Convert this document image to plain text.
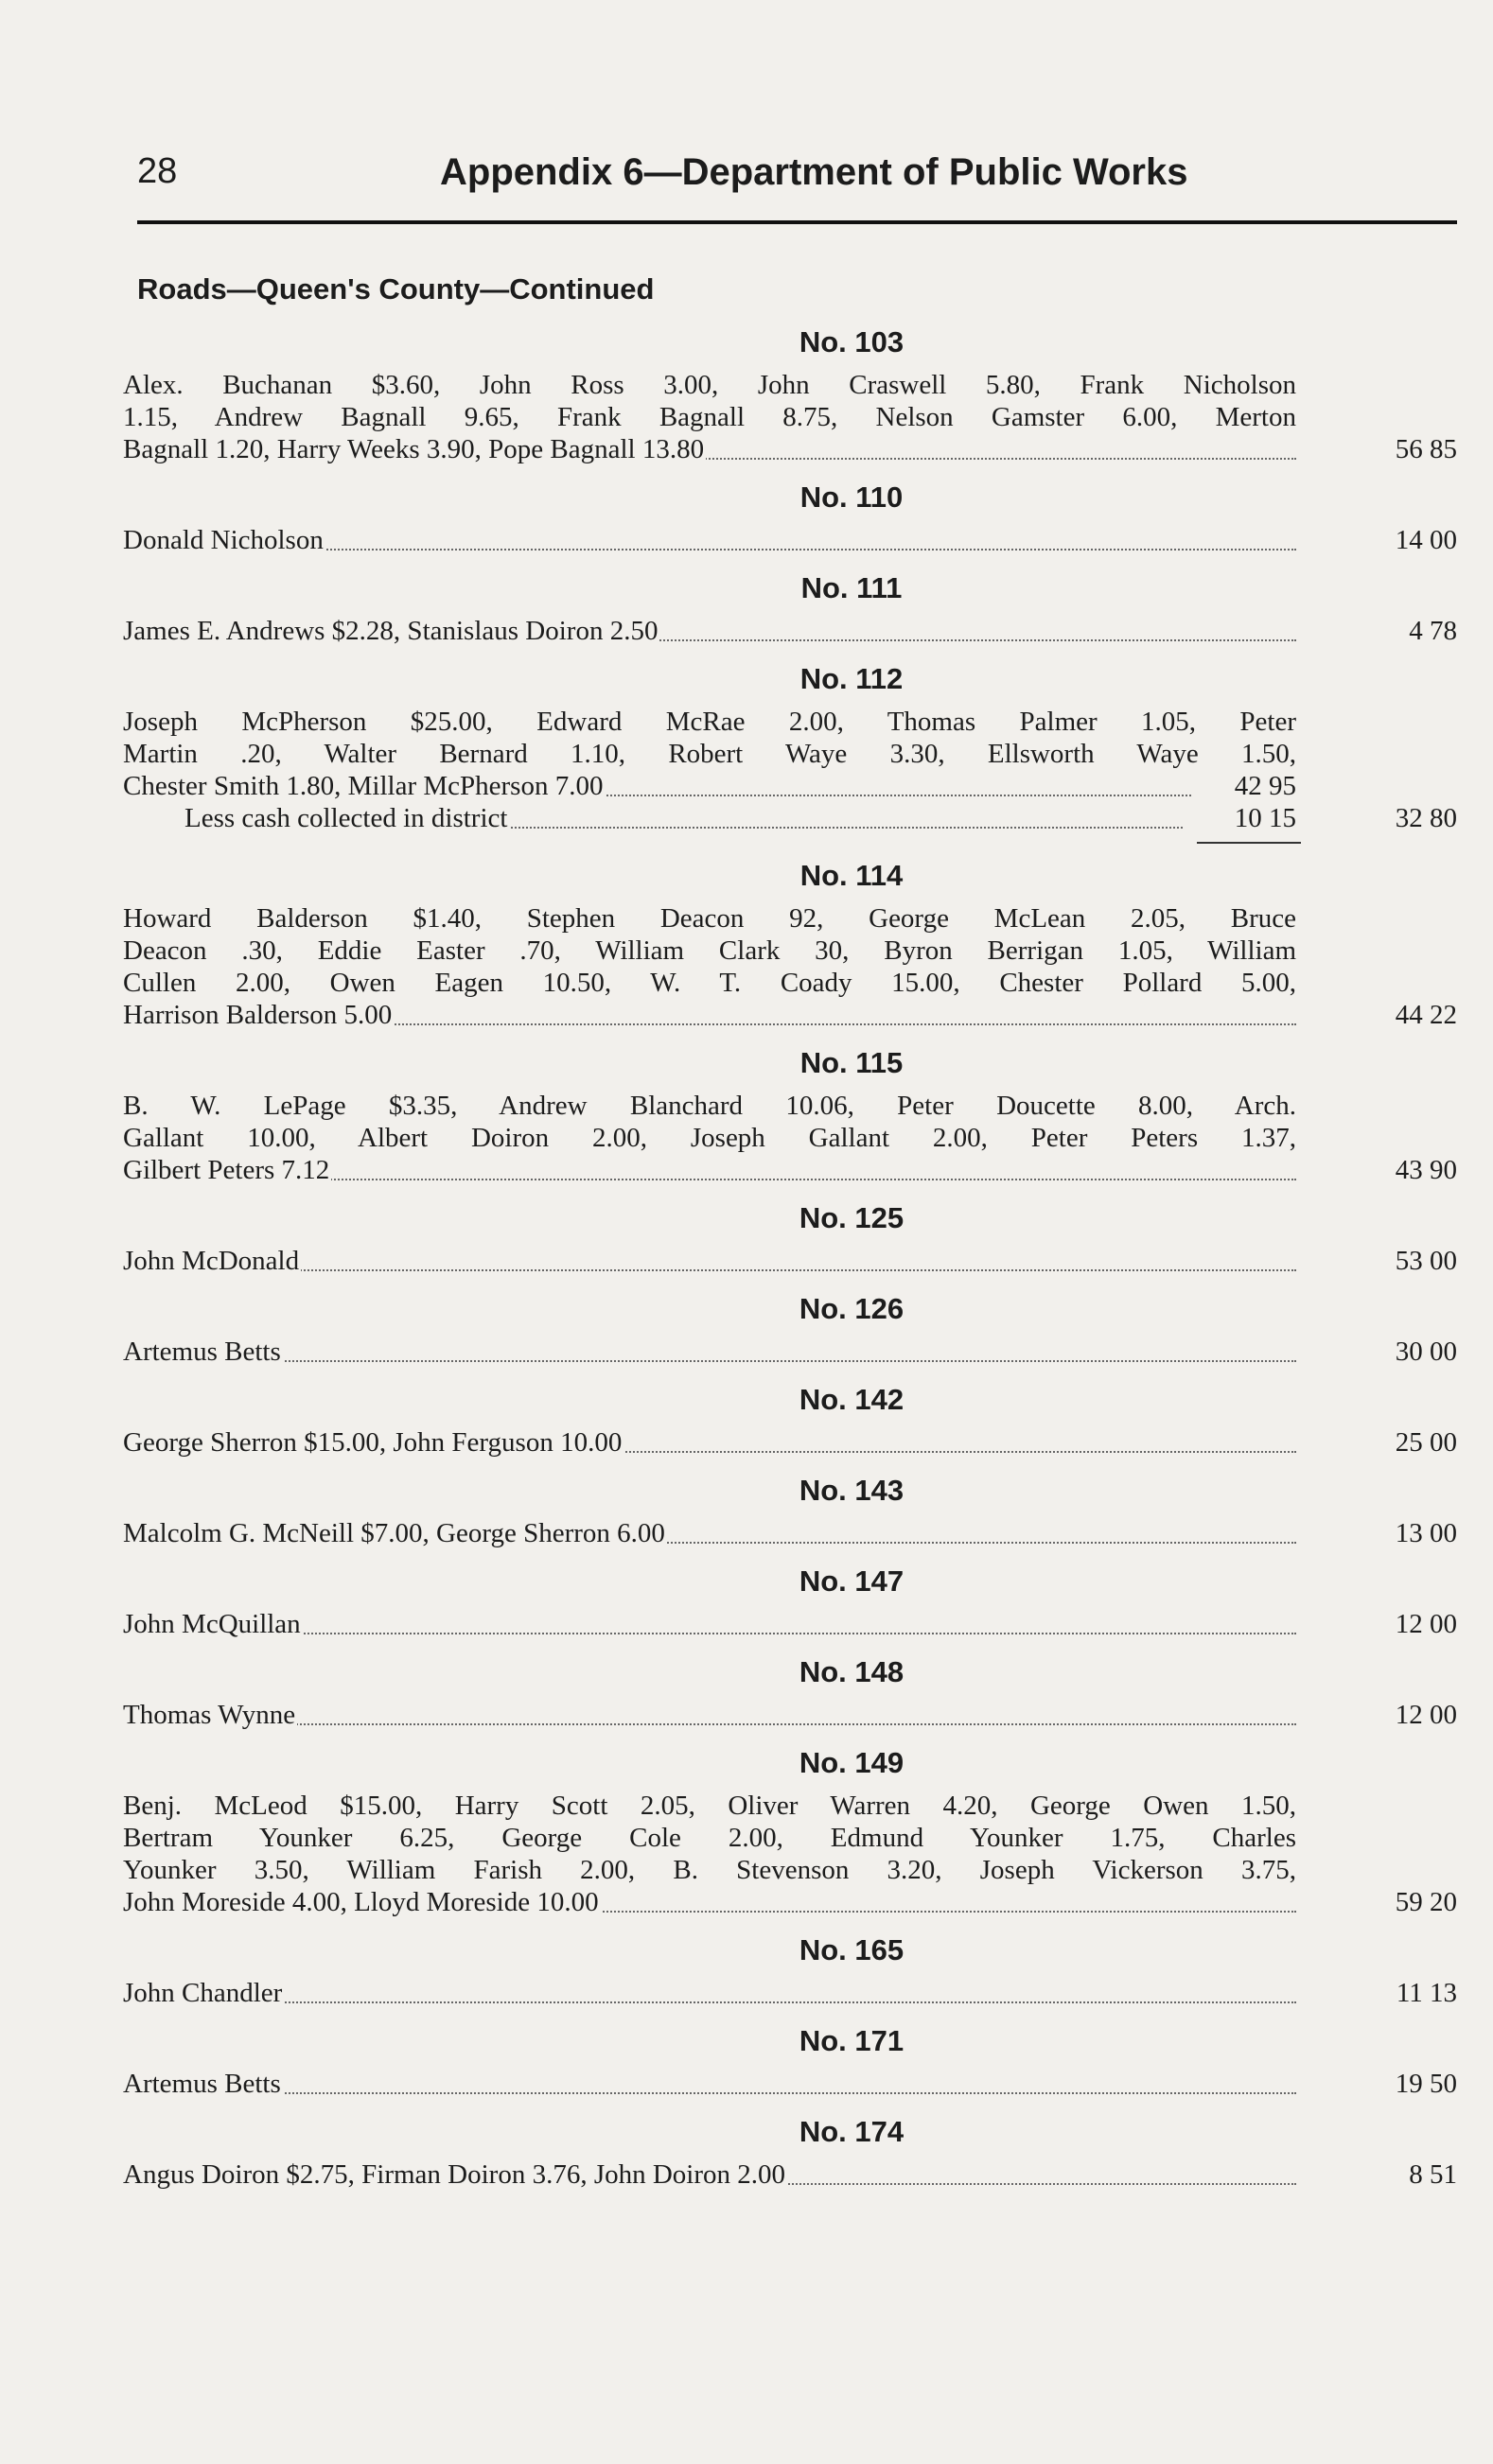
28	Appendix 6—Department of Public Works
Roads—Queen's County—Continued
No. 103
Alex. Buchanan $3.60, John Ross 3.00, John Craswell 5.80, Frank Nicholson
1.15, Andrew Bagnall 9.65, Frank Bagnall 8.75, Nelson Gamster 6.00, Merton
Bagnall 1.20, Harry Weeks 3.90, Pope Bagnall 13.80	56 85
No. 110
Donald Nicholson	14 00
No. 111
James E. Andrews $2.28, Stanislaus Doiron 2.50	4 78
No. 112
Joseph McPherson $25.00, Edward McRae 2.00, Thomas Palmer 1.05, Peter
Martin .20, Walter Bernard 1.10, Robert Waye 3.30, Ellsworth Waye 1.50,
Chester Smith 1.80, Millar McPherson 7.00	42 95
Less cash collected in district	10 15	32 80
No. 114
Howard Balderson $1.40, Stephen Deacon 92, George McLean 2.05, Bruce
Deacon .30, Eddie Easter .70, William Clark 30, Byron Berrigan 1.05, William
Cullen 2.00, Owen Eagen 10.50, W. T. Coady 15.00, Chester Pollard 5.00,
Harrison Balderson 5.00	44 22
No. 115
B. W. LePage $3.35, Andrew Blanchard 10.06, Peter Doucette 8.00, Arch.
Gallant 10.00, Albert Doiron 2.00, Joseph Gallant 2.00, Peter Peters 1.37,
Gilbert Peters 7.12	43 90
No. 125
John McDonald	53 00
No. 126
Artemus Betts	30 00
No. 142
George Sherron $15.00, John Ferguson 10.00	25 00
No. 143
Malcolm G. McNeill $7.00, George Sherron 6.00	13 00
No. 147
John McQuillan	12 00
No. 148
Thomas Wynne	12 00
No. 149
Benj. McLeod $15.00, Harry Scott 2.05, Oliver Warren 4.20, George Owen 1.50,
Bertram Younker 6.25, George Cole 2.00, Edmund Younker 1.75, Charles
Younker 3.50, William Farish 2.00, B. Stevenson 3.20, Joseph Vickerson 3.75,
John Moreside 4.00, Lloyd Moreside 10.00	59 20
No. 165
John Chandler	11 13
No. 171
Artemus Betts	19 50
No. 174
Angus Doiron $2.75, Firman Doiron 3.76, John Doiron 2.00	8 51
